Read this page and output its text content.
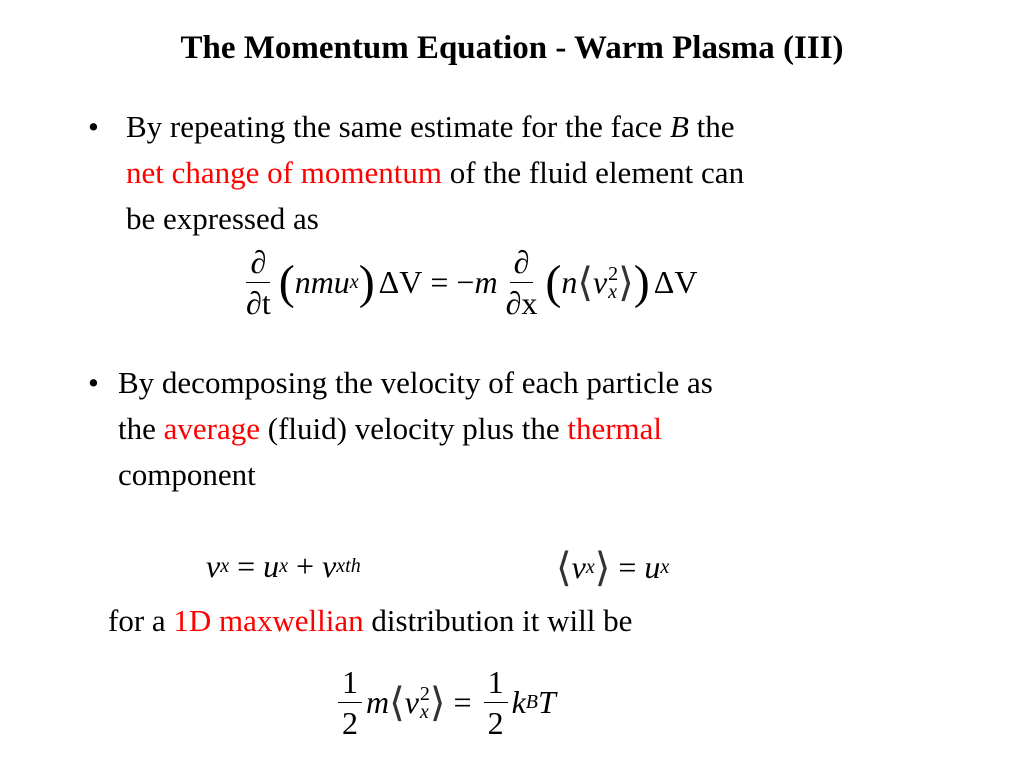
The Momentum Equation - Warm Plasma (III)
• By repeating the same estimate for the face B the
net change of momentum of the fluid element can
be expressed as
$\frac{\partial}{\partial t}$ ( nmu x ) ΔV = − m $\frac{\partial}{\partial x}$ ( n ⟨ v 2
x ⟩ ) ΔV
• By decomposing the velocity of each particle as
the average (fluid) velocity plus the thermal
component
v x = u x + v xth	⟨ v x ⟩ = u x
for a 1D maxwellian distribution it will be
$\frac{1}{2}$ m ⟨ v 2
x ⟩ = $\frac{1}{2}$ k B T
